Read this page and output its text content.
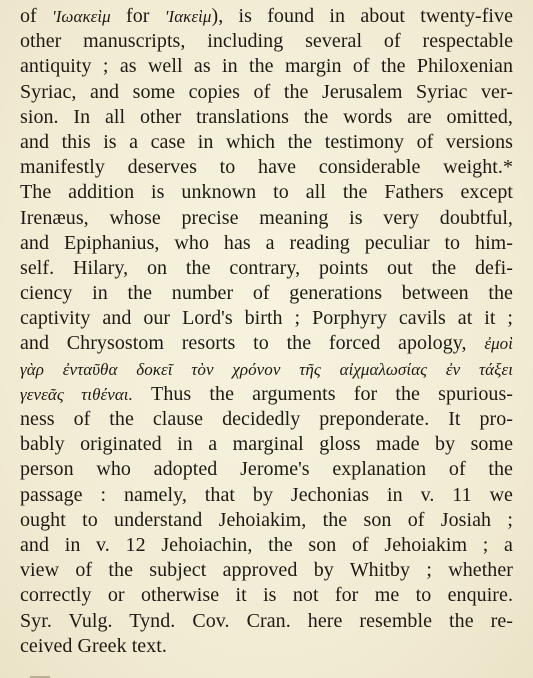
of 'Ιωακεὶμ for 'Ιακεὶμ), is found in about twenty-five
other manuscripts, including several of respectable
antiquity ; as well as in the margin of the Philoxenian
Syriac, and some copies of the Jerusalem Syriac ver-
sion. In all other translations the words are omitted,
and this is a case in which the testimony of versions
manifestly deserves to have considerable weight.*
The addition is unknown to all the Fathers except
Irenæus, whose precise meaning is very doubtful,
and Epiphanius, who has a reading peculiar to him-
self. Hilary, on the contrary, points out the defi-
ciency in the number of generations between the
captivity and our Lord's birth ; Porphyry cavils at it ;
and Chrysostom resorts to the forced apology, ἐμοὶ
γὰρ ἐνταῦθα δοκεῖ τὸν χρόνον τῆς αἰχμαλωσίας ἐν τάξει
γενεᾶς τιθέναι. Thus the arguments for the spurious-
ness of the clause decidedly preponderate. It pro-
bably originated in a marginal gloss made by some
person who adopted Jerome's explanation of the
passage : namely, that by Jechonias in v. 11 we
ought to understand Jehoiakim, the son of Josiah ;
and in v. 12 Jehoiachin, the son of Jehoiakim ; a
view of the subject approved by Whitby ; whether
correctly or otherwise it is not for me to enquire.
Syr. Vulg. Tynd. Cov. Cran. here resemble the re-
ceived Greek text.
